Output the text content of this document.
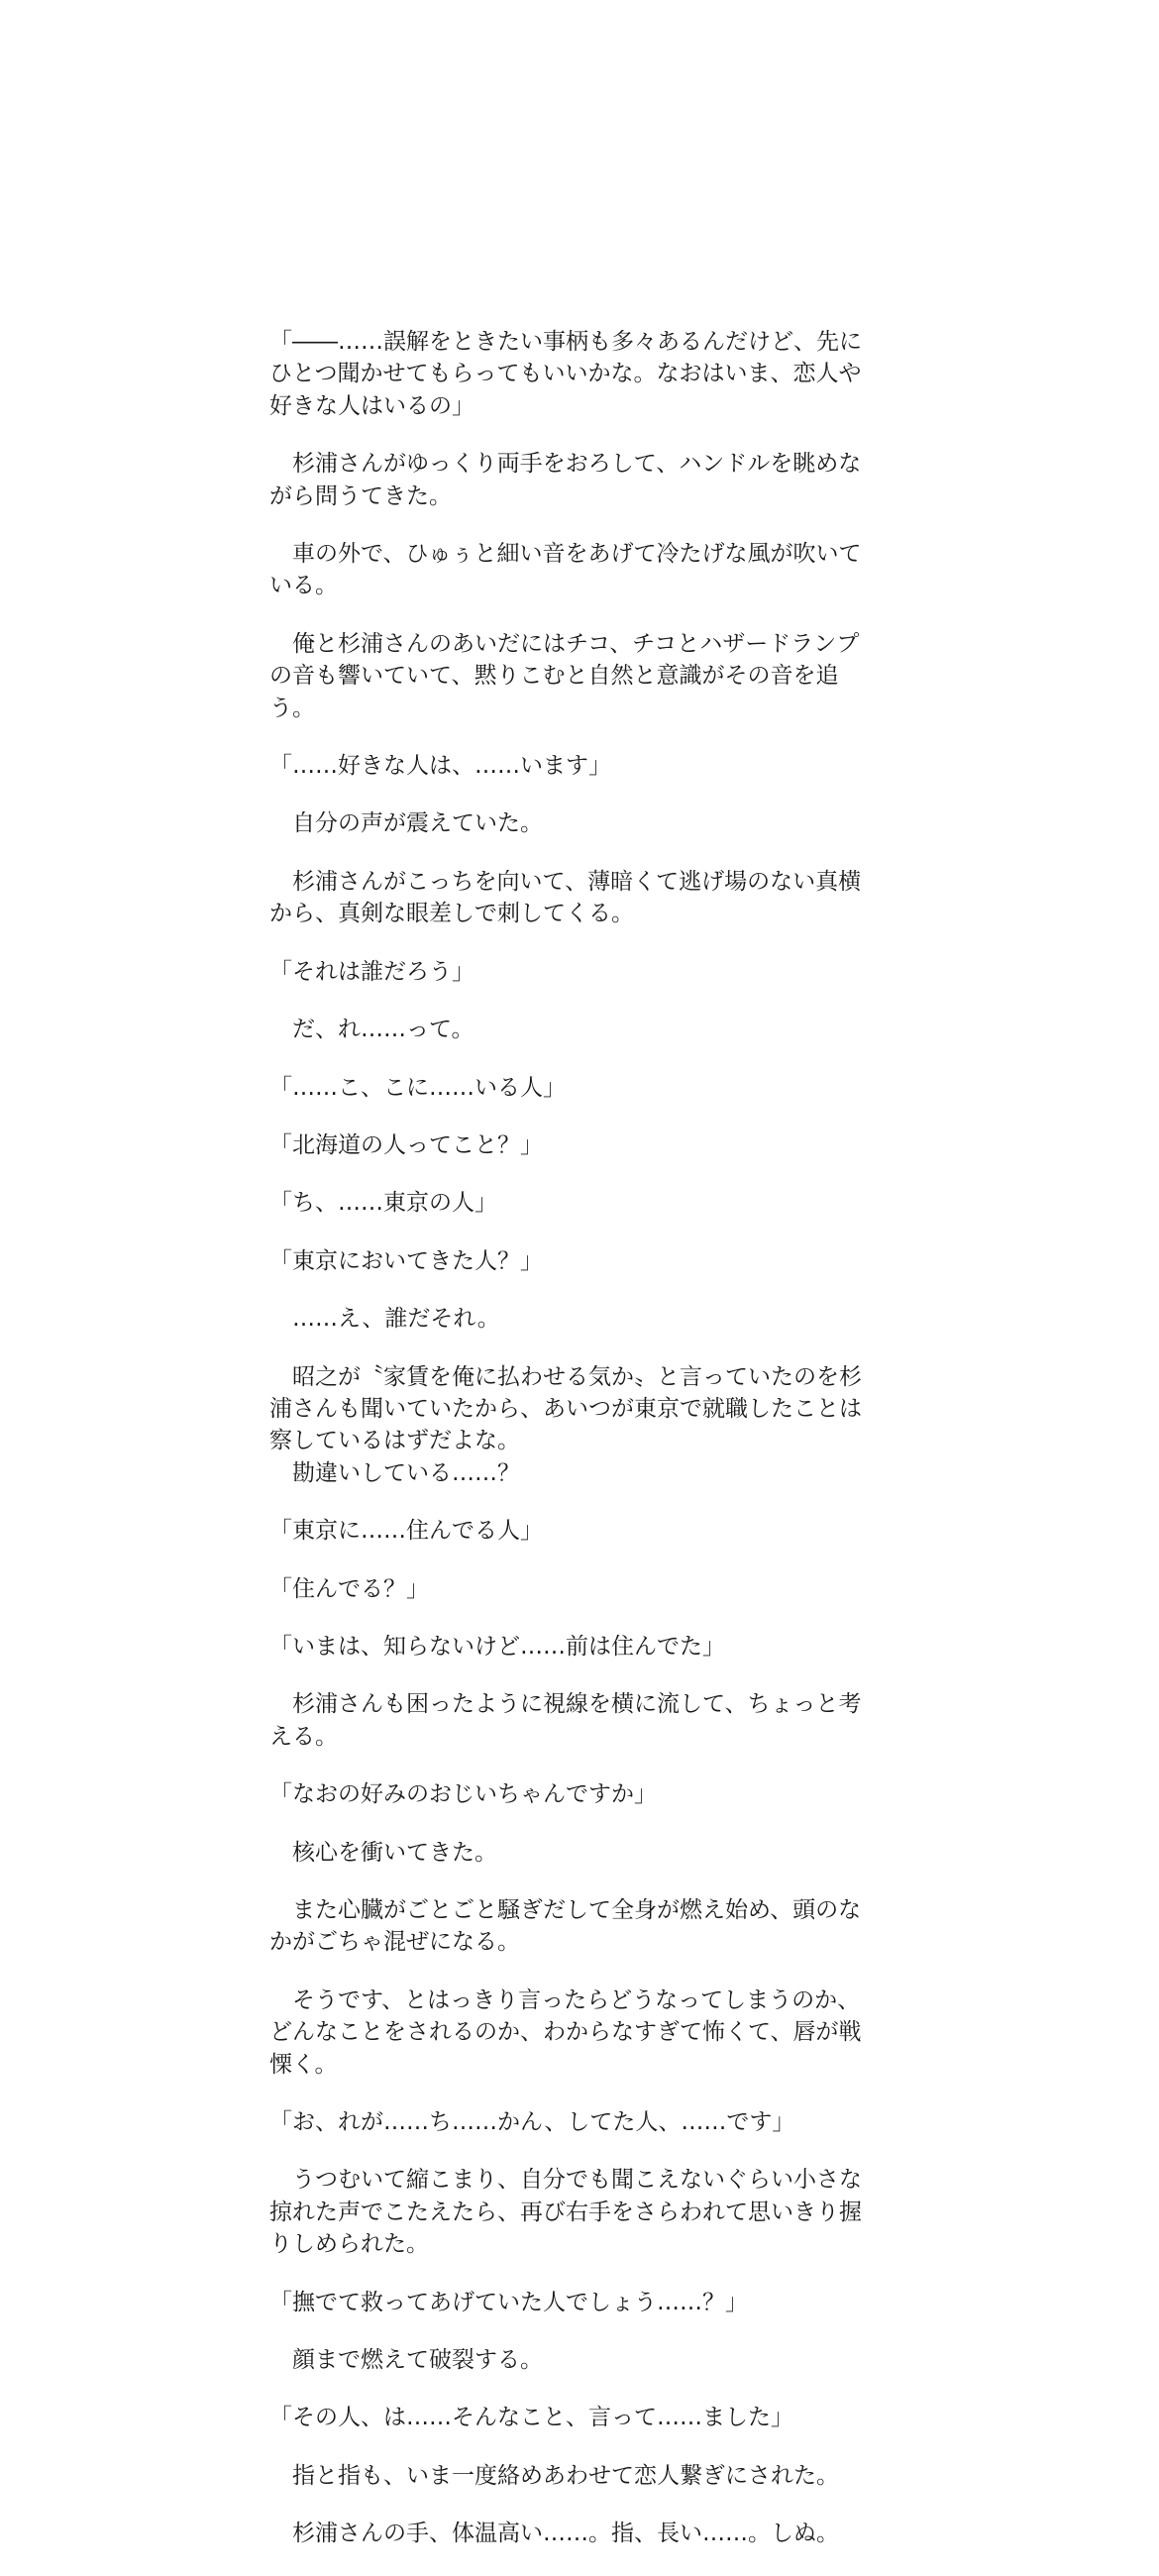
「――……誤解をときたい事柄も多々あるんだけど、先にひとつ聞かせてもらってもいいかな。なおはいま、恋人や好きな人はいるの」

　杉浦さんがゆっくり両手をおろして、ハンドルを眺めながら問うてきた。

　車の外で、ひゅぅと細い音をあげて冷たげな風が吹いている。

　俺と杉浦さんのあいだにはチコ、チコとハザードランプの音も響いていて、黙りこむと自然と意識がその音を追う。

「……好きな人は、……います」

　自分の声が震えていた。

　杉浦さんがこっちを向いて、薄暗くて逃げ場のない真横から、真剣な眼差しで刺してくる。

「それは誰だろう」

　だ、れ……って。

「……こ、こに……いる人」

「北海道の人ってこと？」

「ち、……東京の人」

「東京においてきた人？」

　……え、誰だそれ。

　昭之が〝家賃を俺に払わせる気か〟と言っていたのを杉浦さんも聞いていたから、あいつが東京で就職したことは察しているはずだよな。

　勘違いしている……？

「東京に……住んでる人」

「住んでる？」

「いまは、知らないけど……前は住んでた」

　杉浦さんも困ったように視線を横に流して、ちょっと考える。

「なおの好みのおじいちゃんですか」

　核心を衝いてきた。

　また心臓がごとごと騒ぎだして全身が燃え始め、頭のなかがごちゃ混ぜになる。

　そうです、とはっきり言ったらどうなってしまうのか、どんなことをされるのか、わからなすぎて怖くて、唇が戦慄く。

「お、れが……ち……かん、してた人、……です」

　うつむいて縮こまり、自分でも聞こえないぐらい小さな掠れた声でこたえたら、再び右手をさらわれて思いきり握りしめられた。

「撫でて救ってあげていた人でしょう……？」

　顔まで燃えて破裂する。

「その人、は……そんなこと、言って……ました」

　指と指も、いま一度絡めあわせて恋人繋ぎにされた。

　杉浦さんの手、体温高い……。指、長い……。しぬ。
